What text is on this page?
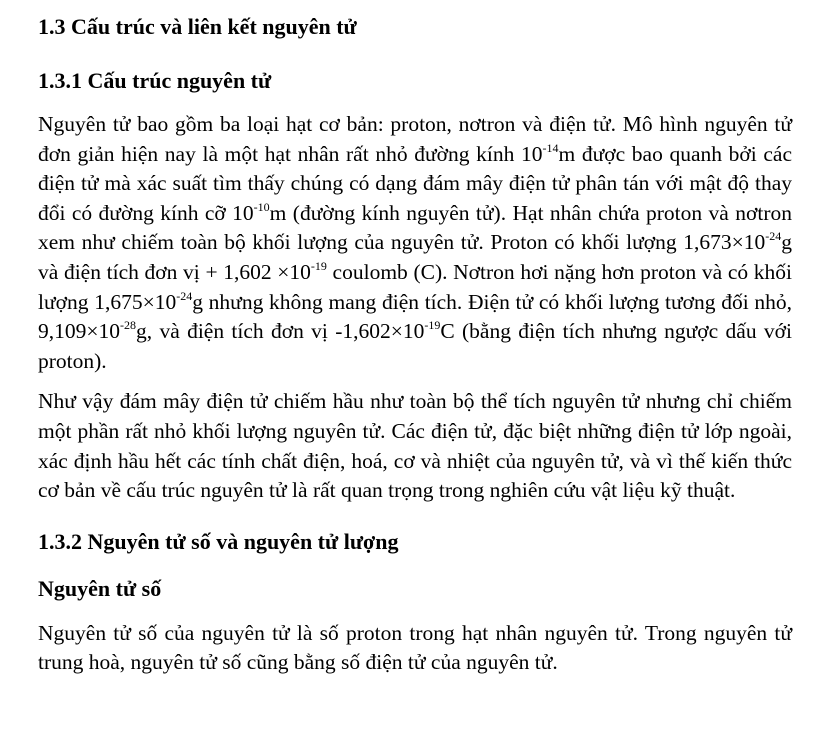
1.3 Cấu trúc và liên kết nguyên tử
1.3.1 Cấu trúc nguyên tử

Nguyên tử bao gồm ba loại hạt cơ bản: proton, nơtron và điện tử. Mô hình nguyên tử đơn giản hiện nay là một hạt nhân rất nhỏ đường kính $10^{-14}m$ được bao quanh bởi các điện tử mà xác suất tìm thấy chúng có dạng đám mây điện tử phân tán với mật độ thay đổi có đường kính cỡ $10^{-10}m$ (đường kính nguyên tử). Hạt nhân chứa proton và nơtron xem như chiếm toàn bộ khối lượng của nguyên tử. Proton có khối lượng $1,673\times 10^{-24}g$ và điện tích đơn vị + $1,602 \times 10^{-19}$ coulomb (C). Nơtron hơi nặng hơn proton và có khối lượng $1,675\times 10^{-24}g$ nhưng không mang điện tích. Điện tử có khối lượng tương đối nhỏ, $9,109\times 10^{-28}g$, và điện tích đơn vị $-1,602\times 10^{-19}C$ (bằng điện tích nhưng ngược dấu với proton).

Như vậy đám mây điện tử chiếm hầu như toàn bộ thể tích nguyên tử nhưng chỉ chiếm một phần rất nhỏ khối lượng nguyên tử. Các điện tử, đặc biệt những điện tử lớp ngoài, xác định hầu hết các tính chất điện, hoá, cơ và nhiệt của nguyên tử, và vì thế kiến thức cơ bản về cấu trúc nguyên tử là rất quan trọng trong nghiên cứu vật liệu kỹ thuật.

1.3.2 Nguyên tử số và nguyên tử lượng
Nguyên tử số

Nguyên tử số của nguyên tử là số proton trong hạt nhân nguyên tử. Trong nguyên tử trung hoà, nguyên tử số cũng bằng số điện tử của nguyên tử.
